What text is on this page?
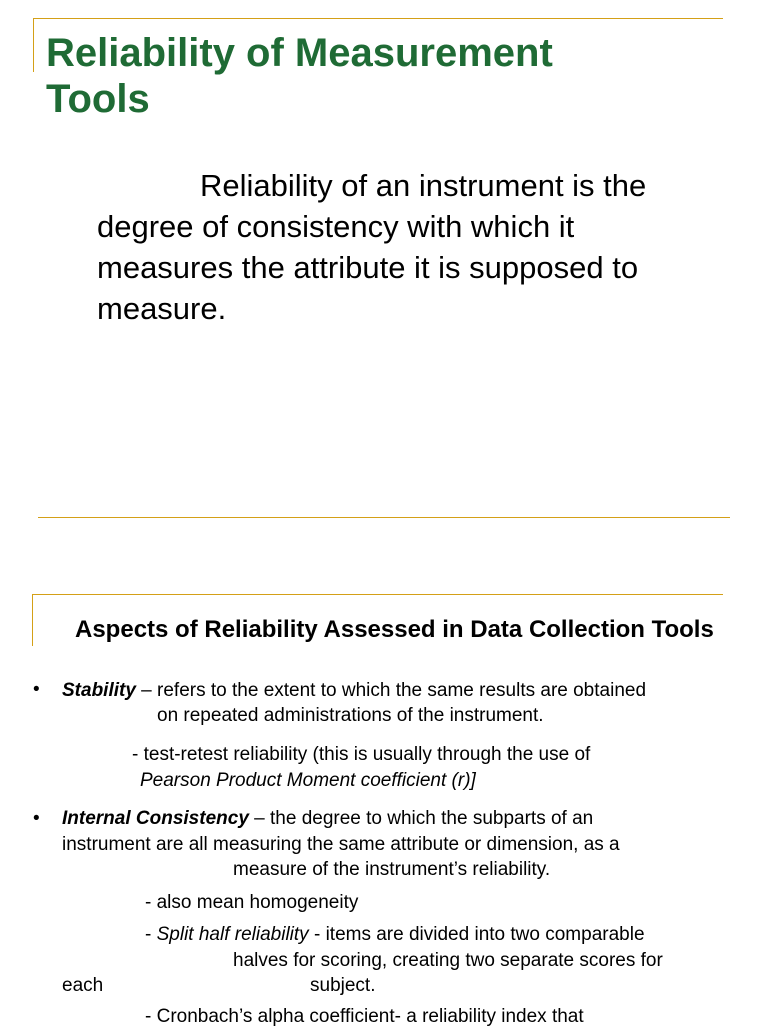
Reliability of Measurement
Tools

Reliability of an instrument is the
degree of consistency with which it
measures the attribute it is supposed to
measure.

Aspects of Reliability Assessed in Data Collection Tools
• Stability – refers to the extent to which the same results are obtained

on repeated administrations of the instrument.

- test-retest reliability (this is usually through the use of

Pearson Product Moment coefficient (r)]

• Internal Consistency – the degree to which the subparts of an

instrument are all measuring the same attribute or dimension, as a

measure of the instrument’s reliability.

- also mean homogeneity

- Split half reliability - items are divided into two comparable

halves for scoring, creating two separate scores for

each	subject.

- Cronbach’s alpha coefficient- a reliability index that
